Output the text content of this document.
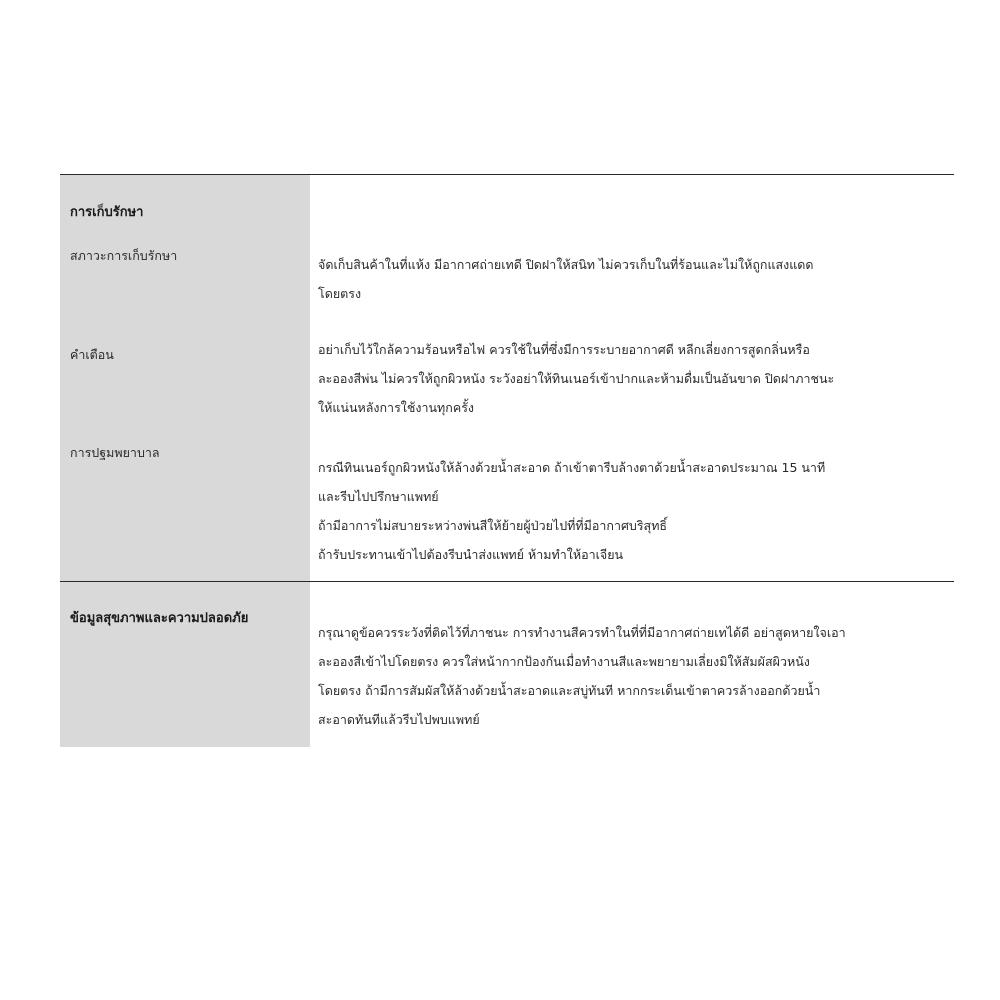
การเก็บรักษา
สภาวะการเก็บรักษา
คำเตือน
การปฐมพยาบาล
จัดเก็บสินค้าในที่แห้ง มีอากาศถ่ายเทดี ปิดฝาให้สนิท ไม่ควรเก็บในที่ร้อนและไม่ให้ถูกแสงแดด
โดยตรง
อย่าเก็บไว้ใกล้ความร้อนหรือไฟ ควรใช้ในที่ซึ่งมีการระบายอากาศดี หลีกเลี่ยงการสูดกลิ่นหรือ
ละอองสีพ่น ไม่ควรให้ถูกผิวหนัง ระวังอย่าให้ทินเนอร์เข้าปากและห้ามดื่มเป็นอันขาด ปิดฝาภาชนะ
ให้แน่นหลังการใช้งานทุกครั้ง
กรณีทินเนอร์ถูกผิวหนังให้ล้างด้วยน้ำสะอาด ถ้าเข้าตารีบล้างตาด้วยน้ำสะอาดประมาณ 15 นาที
และรีบไปปรึกษาแพทย์
ถ้ามีอาการไม่สบายระหว่างพ่นสีให้ย้ายผู้ป่วยไปที่ที่มีอากาศบริสุทธิ์
ถ้ารับประทานเข้าไปต้องรีบนำส่งแพทย์ ห้ามทำให้อาเจียน
ข้อมูลสุขภาพและความปลอดภัย
กรุณาดูข้อควรระวังที่ติดไว้ที่ภาชนะ การทำงานสีควรทำในที่ที่มีอากาศถ่ายเทได้ดี อย่าสูดหายใจเอา
ละอองสีเข้าไปโดยตรง ควรใส่หน้ากากป้องกันเมื่อทำงานสีและพยายามเลี่ยงมิให้สัมผัสผิวหนัง
โดยตรง ถ้ามีการสัมผัสให้ล้างด้วยน้ำสะอาดและสบู่ทันที หากกระเด็นเข้าตาควรล้างออกด้วยน้ำ
สะอาดทันทีแล้วรีบไปพบแพทย์
